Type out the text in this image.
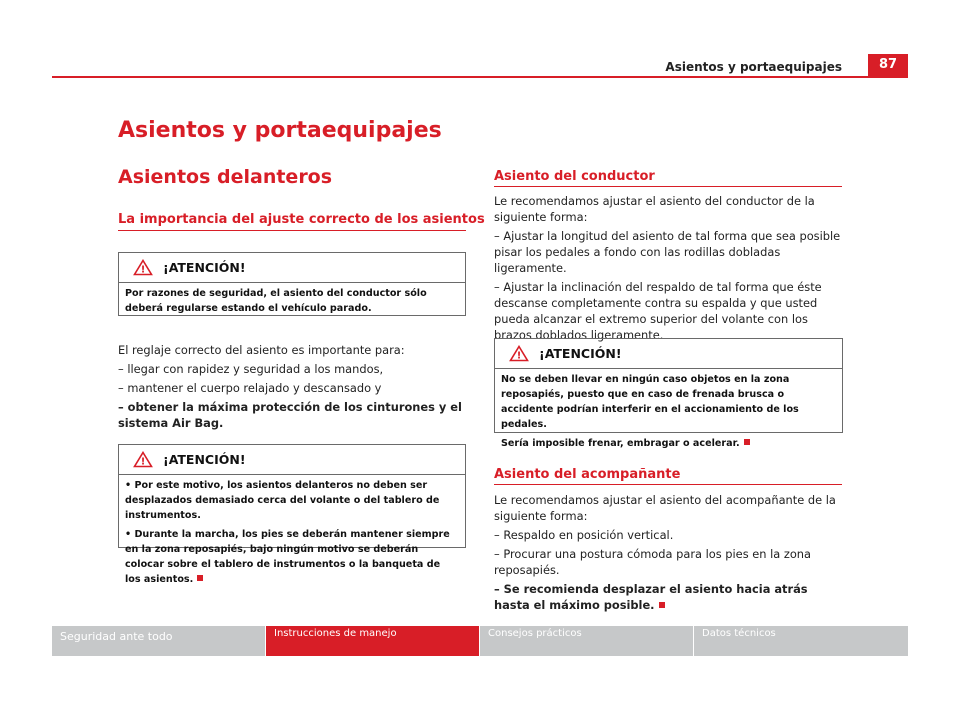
Asientos y portaequipajes	87
Asientos y portaequipajes
Asientos delanteros
La importancia del ajuste correcto de los asientos
! ¡ATENCIÓN!

Por razones de seguridad, el asiento del conductor sólo deberá regularse estando el vehículo parado.

El reglaje correcto del asiento es importante para:

– llegar con rapidez y seguridad a los mandos,

– mantener el cuerpo relajado y descansado y

– obtener la máxima protección de los cinturones y el sistema Air Bag.

! ¡ATENCIÓN!

• Por este motivo, los asientos delanteros no deben ser desplazados demasiado cerca del volante o del tablero de instrumentos.

• Durante la marcha, los pies se deberán mantener siempre en la zona reposapiés, bajo ningún motivo se deberán colocar sobre el tablero de instrumentos o la banqueta de los asientos.

Asiento del conductor

Le recomendamos ajustar el asiento del conductor de la siguiente forma:

– Ajustar la longitud del asiento de tal forma que sea posible pisar los pedales a fondo con las rodillas dobladas ligeramente.

– Ajustar la inclinación del respaldo de tal forma que éste descanse completamente contra su espalda y que usted pueda alcanzar el extremo superior del volante con los brazos doblados ligeramente.

! ¡ATENCIÓN!

No se deben llevar en ningún caso objetos en la zona reposapiés, puesto que en caso de frenada brusca o accidente podrían interferir en el accionamiento de los pedales.

Sería imposible frenar, embragar o acelerar.

Asiento del acompañante

Le recomendamos ajustar el asiento del acompañante de la siguiente forma:

– Respaldo en posición vertical.

– Procurar una postura cómoda para los pies en la zona reposapiés.

– Se recomienda desplazar el asiento hacia atrás hasta el máximo posible.

Seguridad ante todo	Instrucciones de manejo	Consejos prácticos	Datos técnicos
